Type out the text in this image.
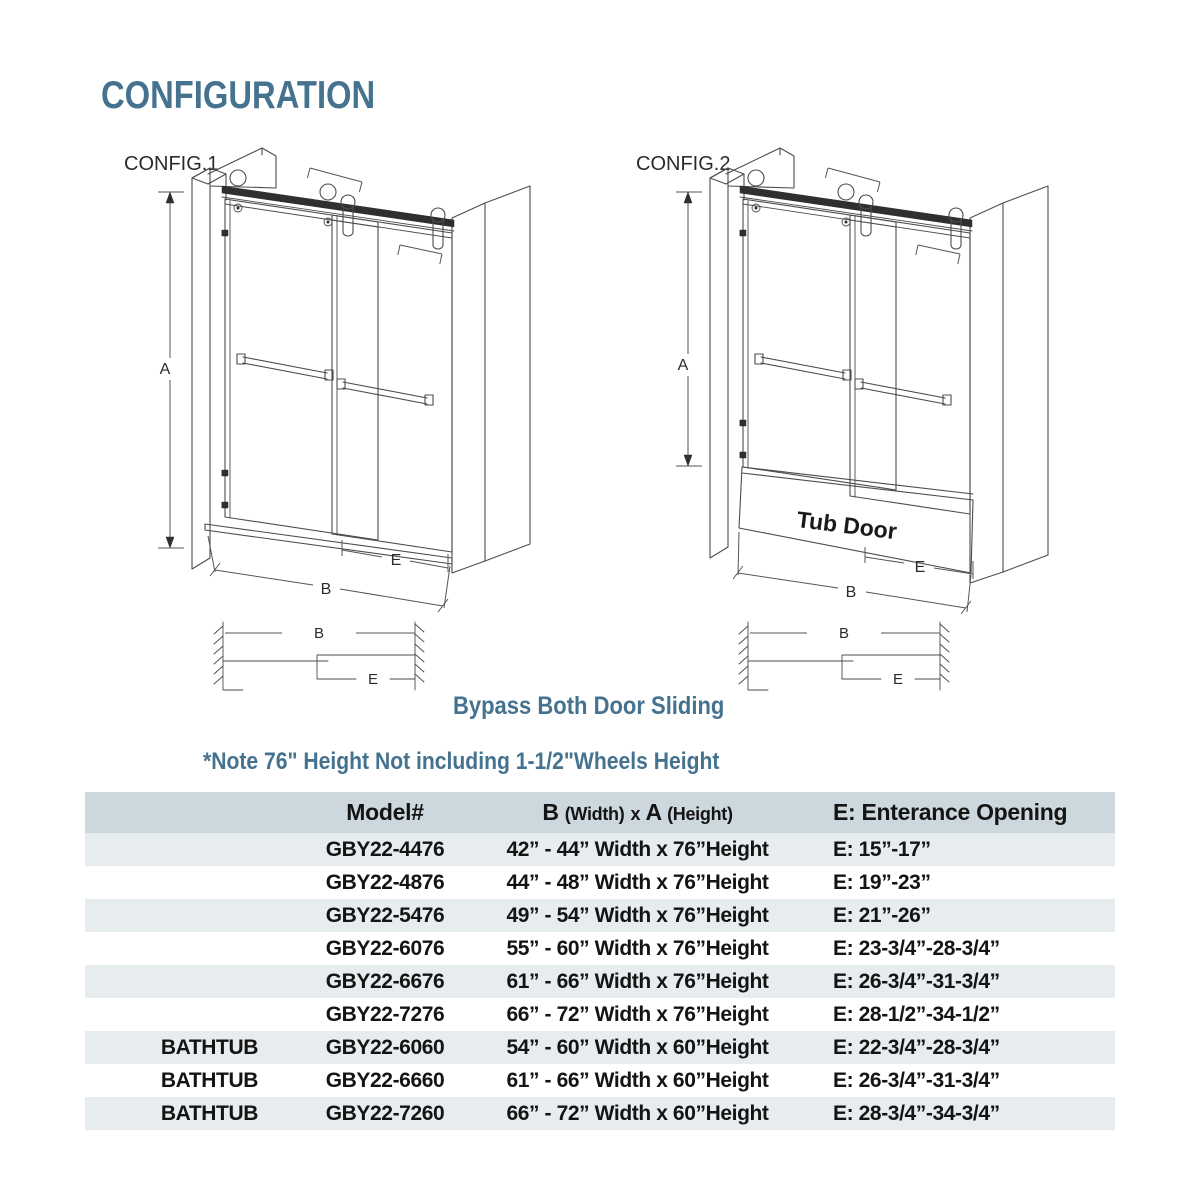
CONFIGURATION
CONFIG.1
A
E
B
B
E
CONFIG.2
A
Tub Door
E
B
B
E
Bypass Both Door Sliding
*Note 76" Height Not including 1-1/2"Wheels Height
	Model#	B (Width) x A (Height)	E: Enterance Opening
	GBY22-4476	42” - 44” Width x 76”Height	E: 15”-17”
	GBY22-4876	44” - 48” Width x 76”Height	E: 19”-23”
	GBY22-5476	49” - 54” Width x 76”Height	E: 21”-26”
	GBY22-6076	55” - 60” Width x 76”Height	E: 23-3/4”-28-3/4”
	GBY22-6676	61” - 66” Width x 76”Height	E: 26-3/4”-31-3/4”
	GBY22-7276	66” - 72” Width x 76”Height	E: 28-1/2”-34-1/2”
BATHTUB	GBY22-6060	54” - 60” Width x 60”Height	E: 22-3/4”-28-3/4”
BATHTUB	GBY22-6660	61” - 66” Width x 60”Height	E: 26-3/4”-31-3/4”
BATHTUB	GBY22-7260	66” - 72” Width x 60”Height	E: 28-3/4”-34-3/4”
